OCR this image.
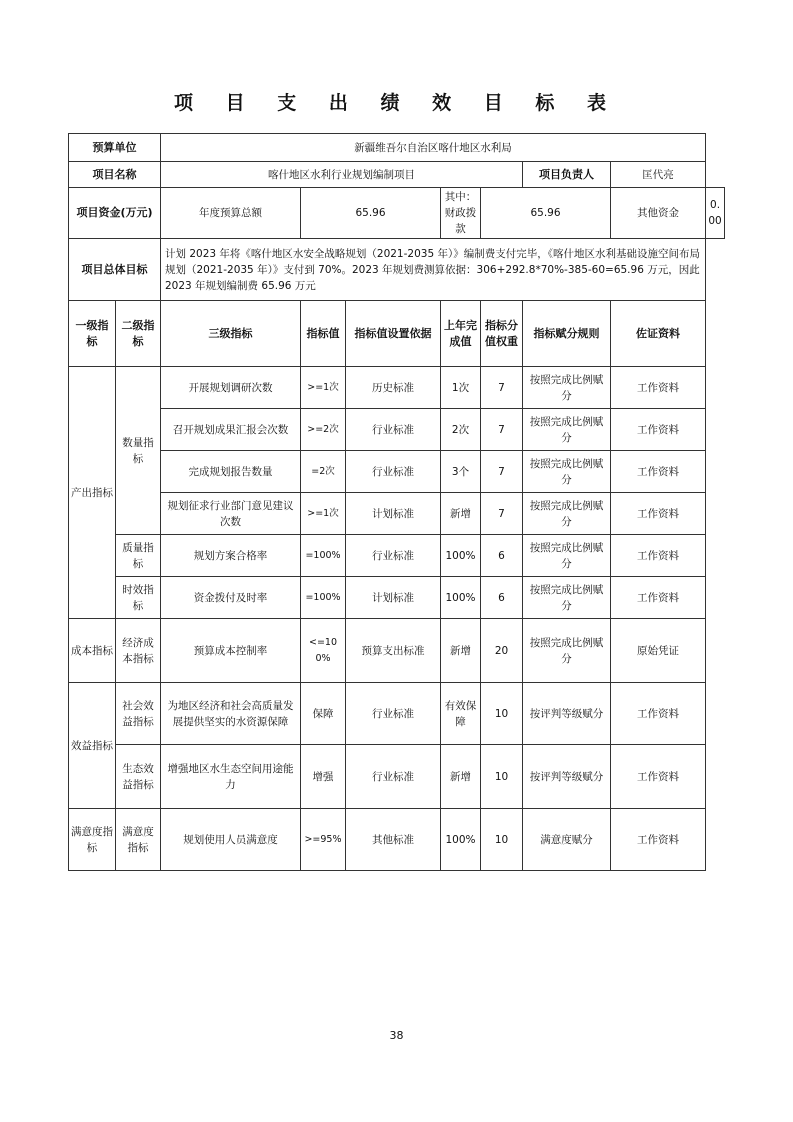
项 目 支 出 绩 效 目 标 表
预算单位		新疆维吾尔自治区喀什地区水利局							
项目名称		喀什地区水利行业规划编制项目					项目负责人	匡代亮	
项目资金(万元)		年度预算总额	65.96		其中：财政拨款	65.96		其他资金	0.00
项目总体目标		计划 2023 年将《喀什地区水安全战略规划（2021-2035 年）》编制费支付完毕，《喀什地区水利基础设施空间布局规划（2021-2035 年）》支付到 70%。2023 年规划费测算依据：306+292.8*70%-385-60=65.96 万元，因此 2023 年规划编制费 65.96 万元							
一级指标	二级指标	三级指标	指标值	指标值设置依据	上年完成值	指标分值权重	指标赋分规则	佐证资料	
产出指标	数量指标	开展规划调研次数	>=1次	历史标准	1次	7	按照完成比例赋分	工作资料	
		召开规划成果汇报会次数	>=2次	行业标准	2次	7	按照完成比例赋分	工作资料	
		完成规划报告数量	=2次	行业标准	3个	7	按照完成比例赋分	工作资料	
		规划征求行业部门意见建议次数	>=1次	计划标准	新增	7	按照完成比例赋分	工作资料	
	质量指标	规划方案合格率	=100%	行业标准	100%	6	按照完成比例赋分	工作资料	
	时效指标	资金拨付及时率	=100%	计划标准	100%	6	按照完成比例赋分	工作资料	
成本指标	经济成本指标	预算成本控制率	<=100%	预算支出标准	新增	20	按照完成比例赋分	原始凭证	
效益指标	社会效益指标	为地区经济和社会高质量发展提供坚实的水资源保障	保障	行业标准	有效保障	10	按评判等级赋分	工作资料	
	生态效益指标	增强地区水生态空间用途能力	增强	行业标准	新增	10	按评判等级赋分	工作资料	
满意度指标	满意度指标	规划使用人员满意度	>=95%	其他标准	100%	10	满意度赋分	工作资料	
38
